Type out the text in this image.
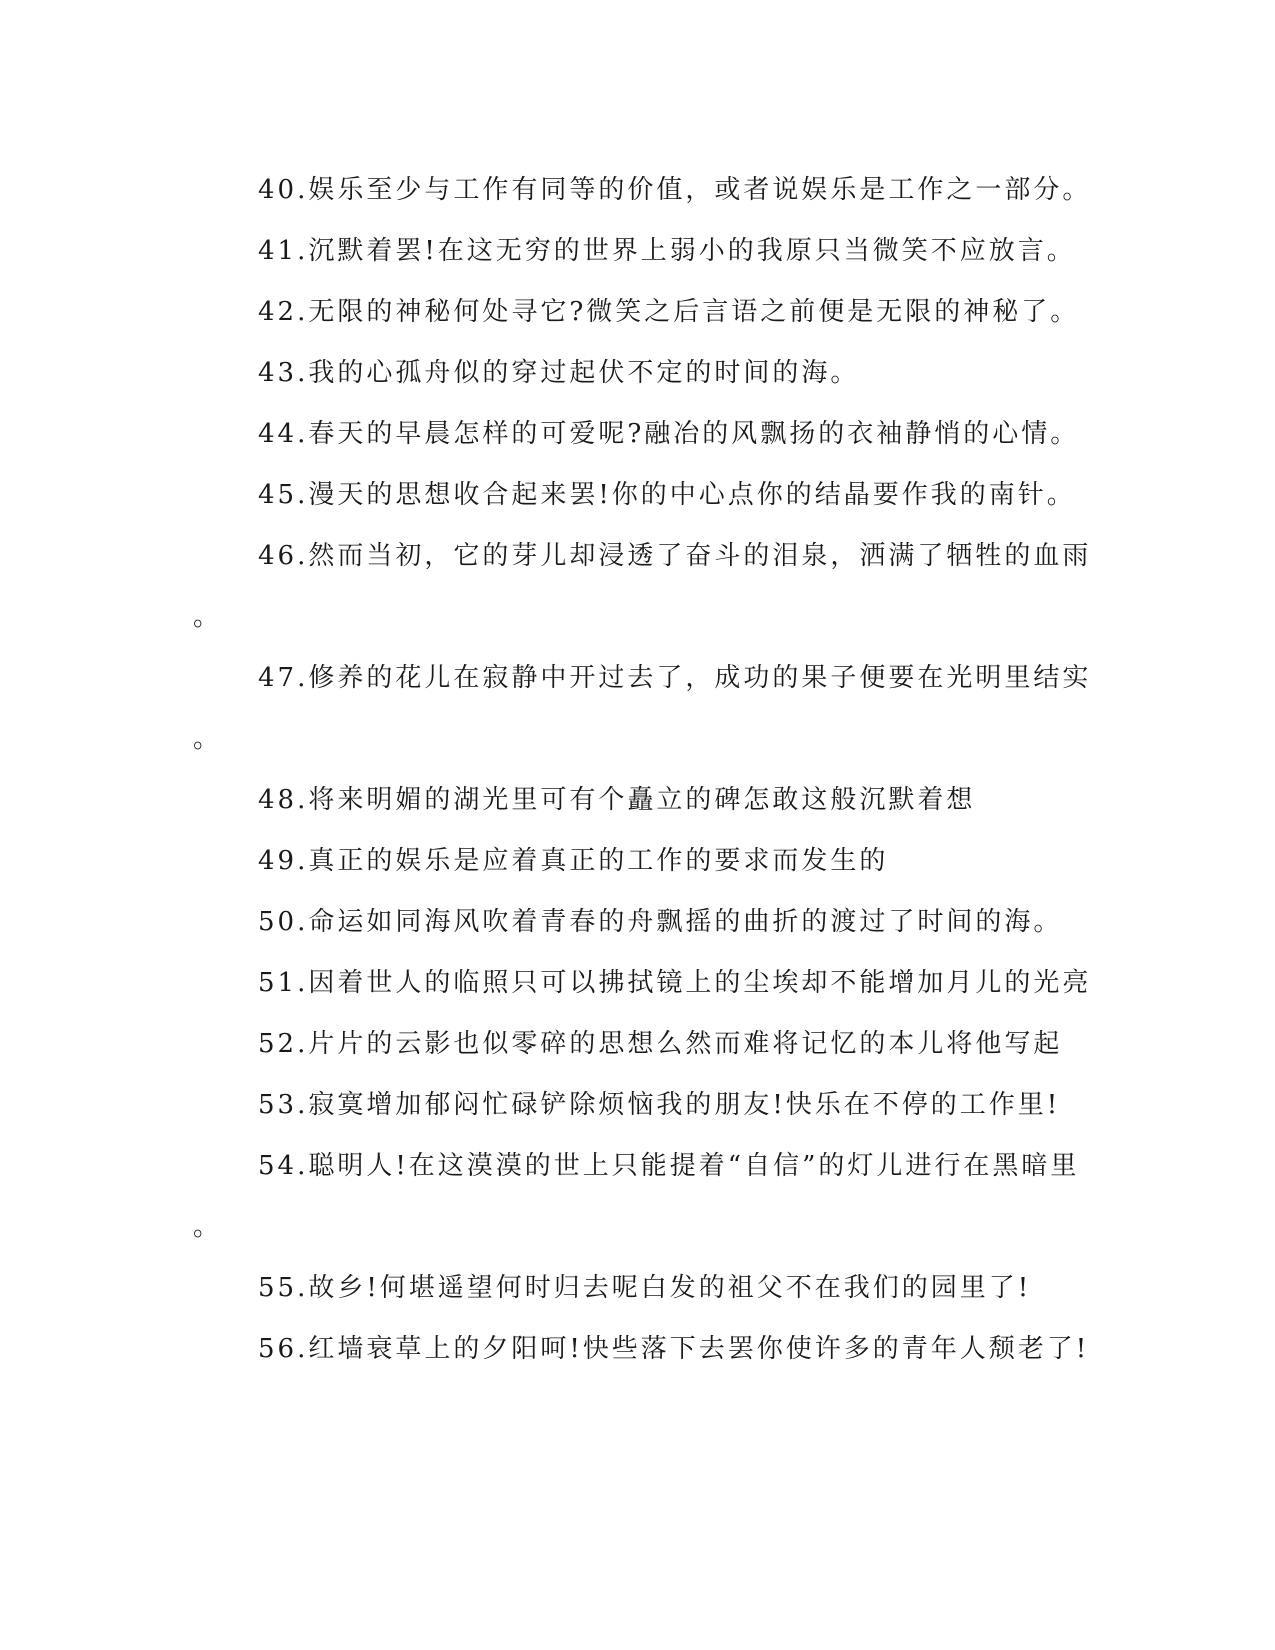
40.娱乐至少与工作有同等的价值，或者说娱乐是工作之一部分。
41.沉默着罢!在这无穷的世界上弱小的我原只当微笑不应放言。
42.无限的神秘何处寻它?微笑之后言语之前便是无限的神秘了。
43.我的心孤舟似的穿过起伏不定的时间的海。
44.春天的早晨怎样的可爱呢?融冶的风飘扬的衣袖静悄的心情。
45.漫天的思想收合起来罢!你的中心点你的结晶要作我的南针。
46.然而当初，它的芽儿却浸透了奋斗的泪泉，洒满了牺牲的血雨
。
47.修养的花儿在寂静中开过去了，成功的果子便要在光明里结实
。
48.将来明媚的湖光里可有个矗立的碑怎敢这般沉默着想
49.真正的娱乐是应着真正的工作的要求而发生的
50.命运如同海风吹着青春的舟飘摇的曲折的渡过了时间的海。
51.因着世人的临照只可以拂拭镜上的尘埃却不能增加月儿的光亮
52.片片的云影也似零碎的思想么然而难将记忆的本儿将他写起
53.寂寞增加郁闷忙碌铲除烦恼我的朋友!快乐在不停的工作里!
54.聪明人!在这漠漠的世上只能提着“自信”的灯儿进行在黑暗里
。
55.故乡!何堪遥望何时归去呢白发的祖父不在我们的园里了!
56.红墙衰草上的夕阳呵!快些落下去罢你使许多的青年人颓老了!
